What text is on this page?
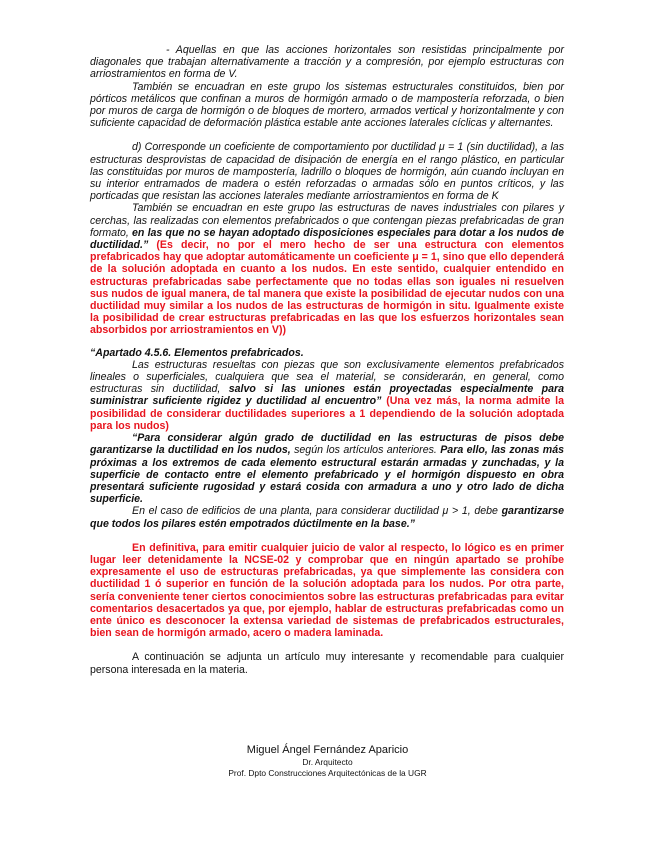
- Aquellas en que las acciones horizontales son resistidas principalmente por diagonales que trabajan alternativamente a tracción y a compresión, por ejemplo estructuras con arriostramientos en forma de V.

También se encuadran en este grupo los sistemas estructurales constituidos, bien por pórticos metálicos que confinan a muros de hormigón armado o de mampostería reforzada, o bien por muros de carga de hormigón o de bloques de mortero, armados vertical y horizontalmente y con suficiente capacidad de deformación plástica estable ante acciones laterales cíclicas y alternantes.

d) Corresponde un coeficiente de comportamiento por ductilidad μ = 1 (sin ductilidad), a las estructuras desprovistas de capacidad de disipación de energía en el rango plástico, en particular las constituidas por muros de mampostería, ladrillo o bloques de hormigón, aún cuando incluyan en su interior entramados de madera o estén reforzadas o armadas sólo en puntos críticos, y las porticadas que resistan las acciones laterales mediante arriostramientos en forma de K

También se encuadran en este grupo las estructuras de naves industriales con pilares y cerchas, las realizadas con elementos prefabricados o que contengan piezas prefabricadas de gran formato, en las que no se hayan adoptado disposiciones especiales para dotar a los nudos de ductilidad.” (Es decir, no por el mero hecho de ser una estructura con elementos prefabricados hay que adoptar automáticamente un coeficiente μ = 1, sino que ello dependerá de la solución adoptada en cuanto a los nudos. En este sentido, cualquier entendido en estructuras prefabricadas sabe perfectamente que no todas ellas son iguales ni resuelven sus nudos de igual manera, de tal manera que existe la posibilidad de ejecutar nudos con una ductilidad muy similar a los nudos de las estructuras de hormigón in situ. Igualmente existe la posibilidad de crear estructuras prefabricadas en las que los esfuerzos horizontales sean absorbidos por arriostramientos en V))

“Apartado 4.5.6. Elementos prefabricados.

Las estructuras resueltas con piezas que son exclusivamente elementos prefabricados lineales o superficiales, cualquiera que sea el material, se considerarán, en general, como estructuras sin ductilidad, salvo si las uniones están proyectadas especialmente para suministrar suficiente rigidez y ductilidad al encuentro” (Una vez más, la norma admite la posibilidad de considerar ductilidades superiores a 1 dependiendo de la solución adoptada para los nudos)

“Para considerar algún grado de ductilidad en las estructuras de pisos debe garantizarse la ductilidad en los nudos, según los artículos anteriores. Para ello, las zonas más próximas a los extremos de cada elemento estructural estarán armadas y zunchadas, y la superficie de contacto entre el elemento prefabricado y el hormigón dispuesto en obra presentará suficiente rugosidad y estará cosida con armadura a uno y otro lado de dicha superficie.

En el caso de edificios de una planta, para considerar ductilidad μ > 1, debe garantizarse que todos los pilares estén empotrados dúctilmente en la base.”

En definitiva, para emitir cualquier juicio de valor al respecto, lo lógico es en primer lugar leer detenidamente la NCSE-02 y comprobar que en ningún apartado se prohíbe expresamente el uso de estructuras prefabricadas, ya que simplemente las considera con ductilidad 1 ó superior en función de la solución adoptada para los nudos. Por otra parte, sería conveniente tener ciertos conocimientos sobre las estructuras prefabricadas para evitar comentarios desacertados ya que, por ejemplo, hablar de estructuras prefabricadas como un ente único es desconocer la extensa variedad de sistemas de prefabricados estructurales, bien sean de hormigón armado, acero o madera laminada.

A continuación se adjunta un artículo muy interesante y recomendable para cualquier persona interesada en la materia.

Miguel Ángel Fernández Aparicio
Dr. Arquitecto
Prof. Dpto Construcciones Arquitectónicas de la UGR
